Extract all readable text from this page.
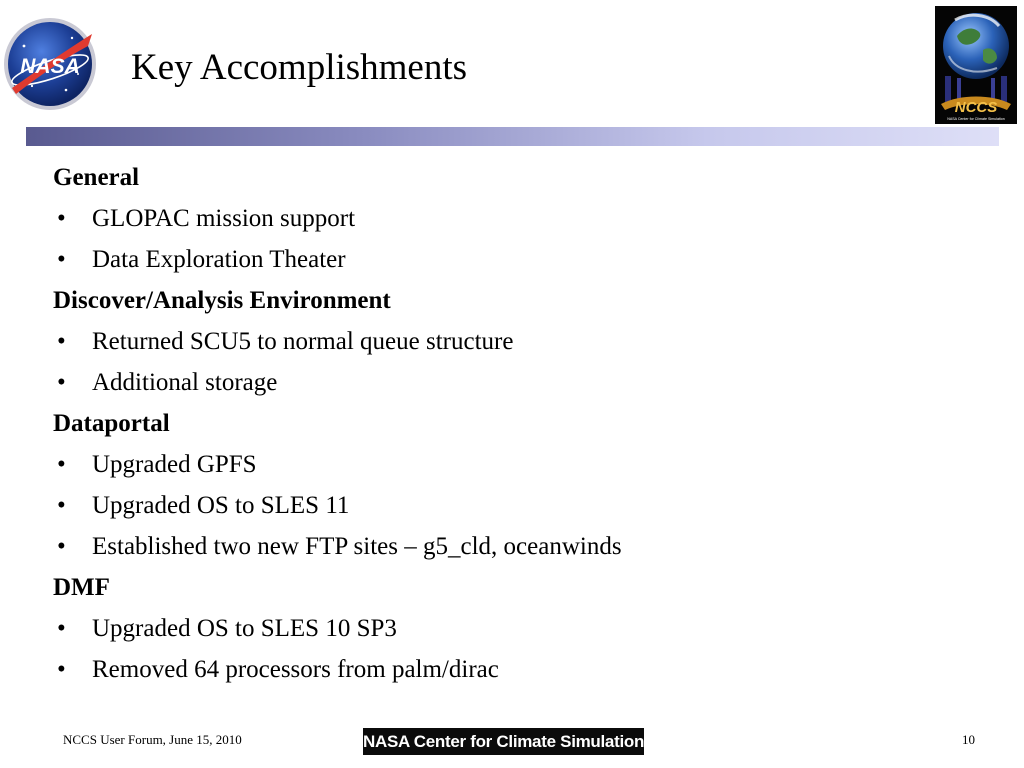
NASA Key Accomplishments
NCCS
NASA Center for Climate Simulation
General
• GLOPAC mission support
• Data Exploration Theater
Discover/Analysis Environment
• Returned SCU5 to normal queue structure
• Additional storage
Dataportal
• Upgraded GPFS
• Upgraded OS to SLES 11
• Established two new FTP sites – g5_cld, oceanwinds
DMF
• Upgraded OS to SLES 10 SP3
• Removed 64 processors from palm/dirac
NCCS User Forum, June 15, 2010	NASA Center for Climate Simulation	10
